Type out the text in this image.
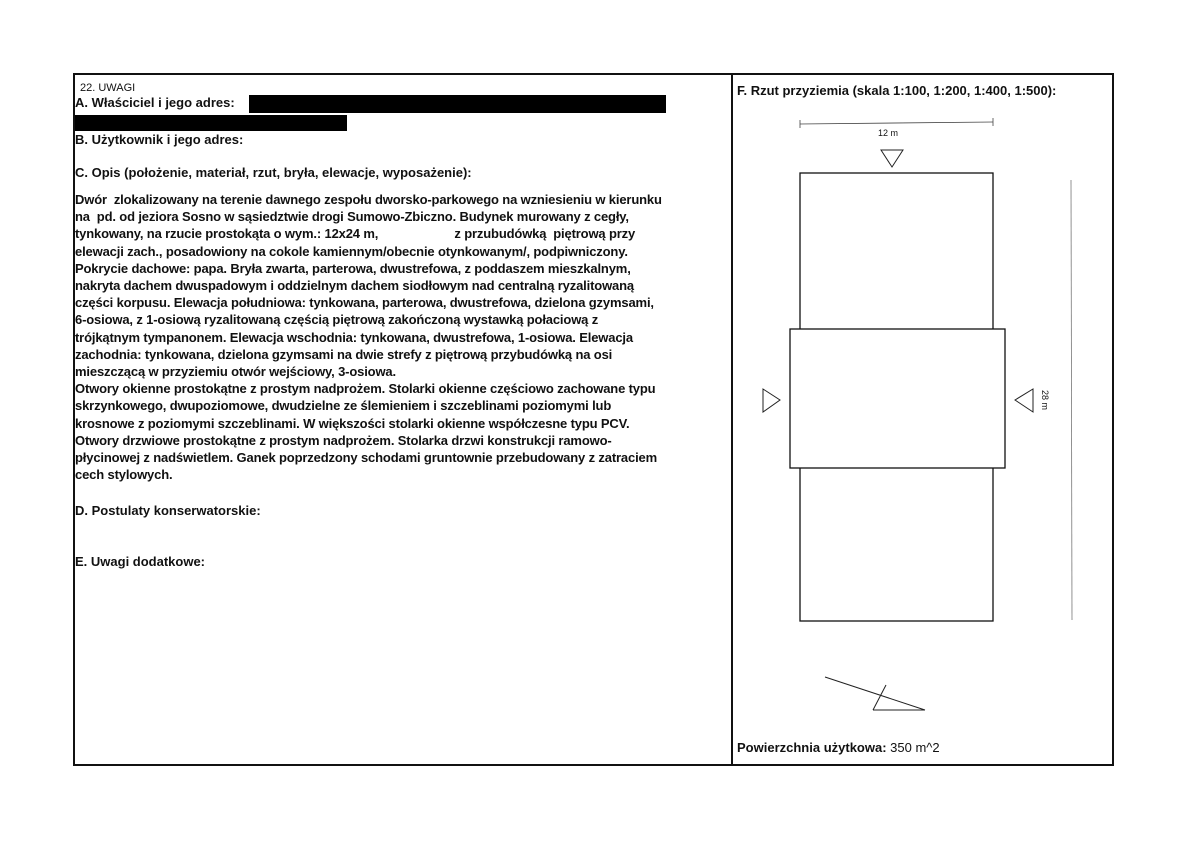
22. UWAGI
A. Właściciel i jego adres:
B. Użytkownik i jego adres:
C. Opis (położenie, materiał, rzut, bryła, elewacje, wyposażenie):
Dwór  zlokalizowany na terenie dawnego zespołu dworsko-parkowego na wzniesieniu w kierunku
na  pd. od jeziora Sosno w sąsiedztwie drogi Sumowo-Zbiczno. Budynek murowany z cegły,
tynkowany, na rzucie prostokąta o wym.: 12x24 m,                      z przubudówką  piętrową przy
elewacji zach., posadowiony na cokole kamiennym/obecnie otynkowanym/, podpiwniczony.
Pokrycie dachowe: papa. Bryła zwarta, parterowa, dwustrefowa, z poddaszem mieszkalnym,
nakryta dachem dwuspadowym i oddzielnym dachem siodłowym nad centralną ryzalitowaną
części korpusu. Elewacja południowa: tynkowana, parterowa, dwustrefowa, dzielona gzymsami,
6-osiowa, z 1-osiową ryzalitowaną częścią piętrową zakończoną wystawką połaciową z
trójkątnym tympanonem. Elewacja wschodnia: tynkowana, dwustrefowa, 1-osiowa. Elewacja
zachodnia: tynkowana, dzielona gzymsami na dwie strefy z piętrową przybudówką na osi
mieszczącą w przyziemiu otwór wejściowy, 3-osiowa.
Otwory okienne prostokątne z prostym nadprożem. Stolarki okienne częściowo zachowane typu
skrzynkowego, dwupoziomowe, dwudzielne ze ślemieniem i szczeblinami poziomymi lub
krosnowe z poziomymi szczeblinami. W większości stolarki okienne współczesne typu PCV.
Otwory drzwiowe prostokątne z prostym nadprożem. Stolarka drzwi konstrukcji ramowo-
płycinowej z nadświetlem. Ganek poprzedzony schodami gruntownie przebudowany z zatraciem
cech stylowych.
D. Postulaty konserwatorskie:
E. Uwagi dodatkowe:
F. Rzut przyziemia (skala 1:100, 1:200, 1:400, 1:500):
12 m
28 m
Powierzchnia użytkowa: 350 m^2
